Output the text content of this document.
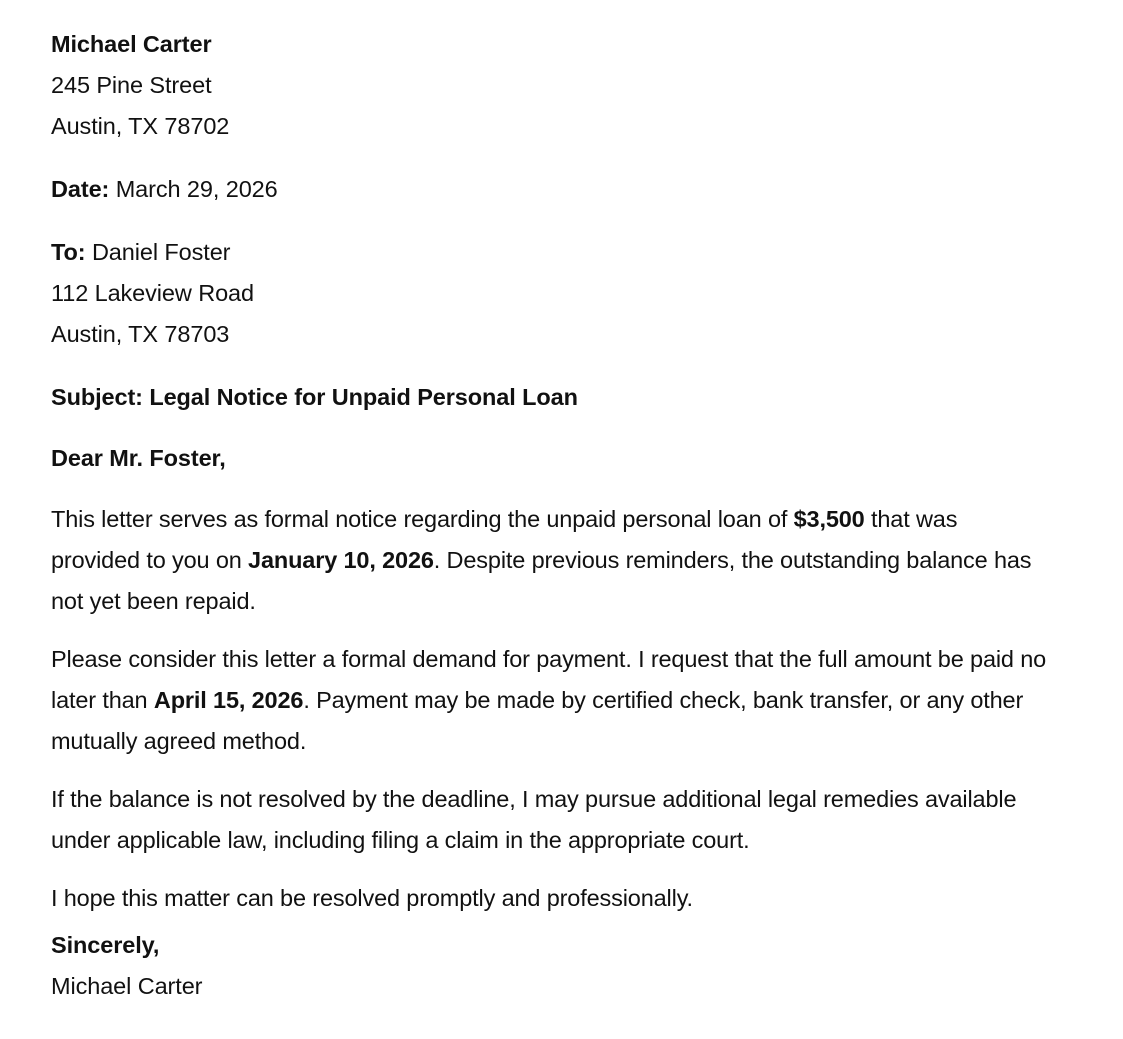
Michael Carter
245 Pine Street
Austin, TX 78702
Date: March 29, 2026
To: Daniel Foster
112 Lakeview Road
Austin, TX 78703
Subject: Legal Notice for Unpaid Personal Loan
Dear Mr. Foster,

This letter serves as formal notice regarding the unpaid personal loan of $3,500 that was provided to you on January 10, 2026. Despite previous reminders, the outstanding balance has not yet been repaid.

Please consider this letter a formal demand for payment. I request that the full amount be paid no later than April 15, 2026. Payment may be made by certified check, bank transfer, or any other mutually agreed method.

If the balance is not resolved by the deadline, I may pursue additional legal remedies available under applicable law, including filing a claim in the appropriate court.

I hope this matter can be resolved promptly and professionally.

Sincerely,
Michael Carter
